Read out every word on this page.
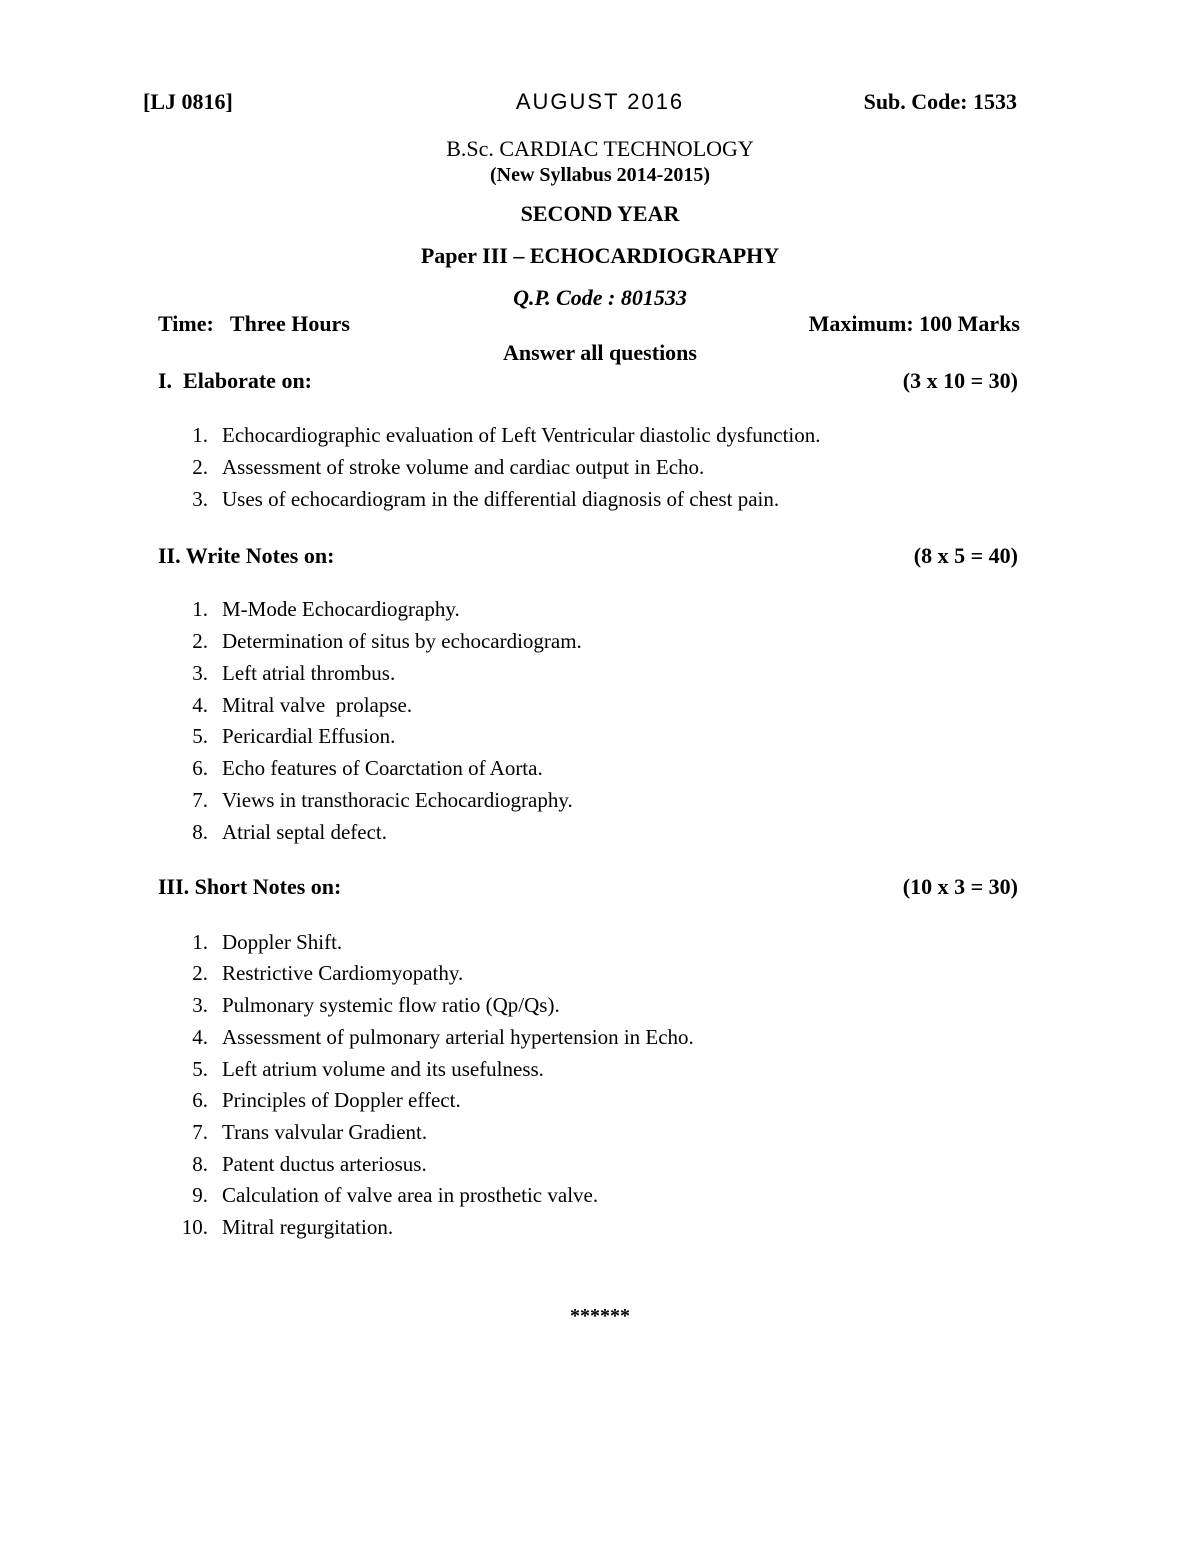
[LJ 0816]	AUGUST 2016	Sub. Code: 1533
B.Sc. CARDIAC TECHNOLOGY
(New Syllabus 2014-2015)
SECOND YEAR
Paper III – ECHOCARDIOGRAPHY
Q.P. Code : 801533
Time:   Three Hours	Maximum: 100 Marks
Answer all questions
I.  Elaborate on:	(3 x 10 = 30)
1. Echocardiographic evaluation of Left Ventricular diastolic dysfunction.
2. Assessment of stroke volume and cardiac output in Echo.
3. Uses of echocardiogram in the differential diagnosis of chest pain.
II. Write Notes on:	(8 x 5 = 40)
1. M-Mode Echocardiography.
2. Determination of situs by echocardiogram.
3. Left atrial thrombus.
4. Mitral valve  prolapse.
5. Pericardial Effusion.
6. Echo features of Coarctation of Aorta.
7. Views in transthoracic Echocardiography.
8. Atrial septal defect.
III. Short Notes on:	(10 x 3 = 30)
1. Doppler Shift.
2. Restrictive Cardiomyopathy.
3. Pulmonary systemic flow ratio (Qp/Qs).
4. Assessment of pulmonary arterial hypertension in Echo.
5. Left atrium volume and its usefulness.
6. Principles of Doppler effect.
7. Trans valvular Gradient.
8. Patent ductus arteriosus.
9. Calculation of valve area in prosthetic valve.
10. Mitral regurgitation.
******
